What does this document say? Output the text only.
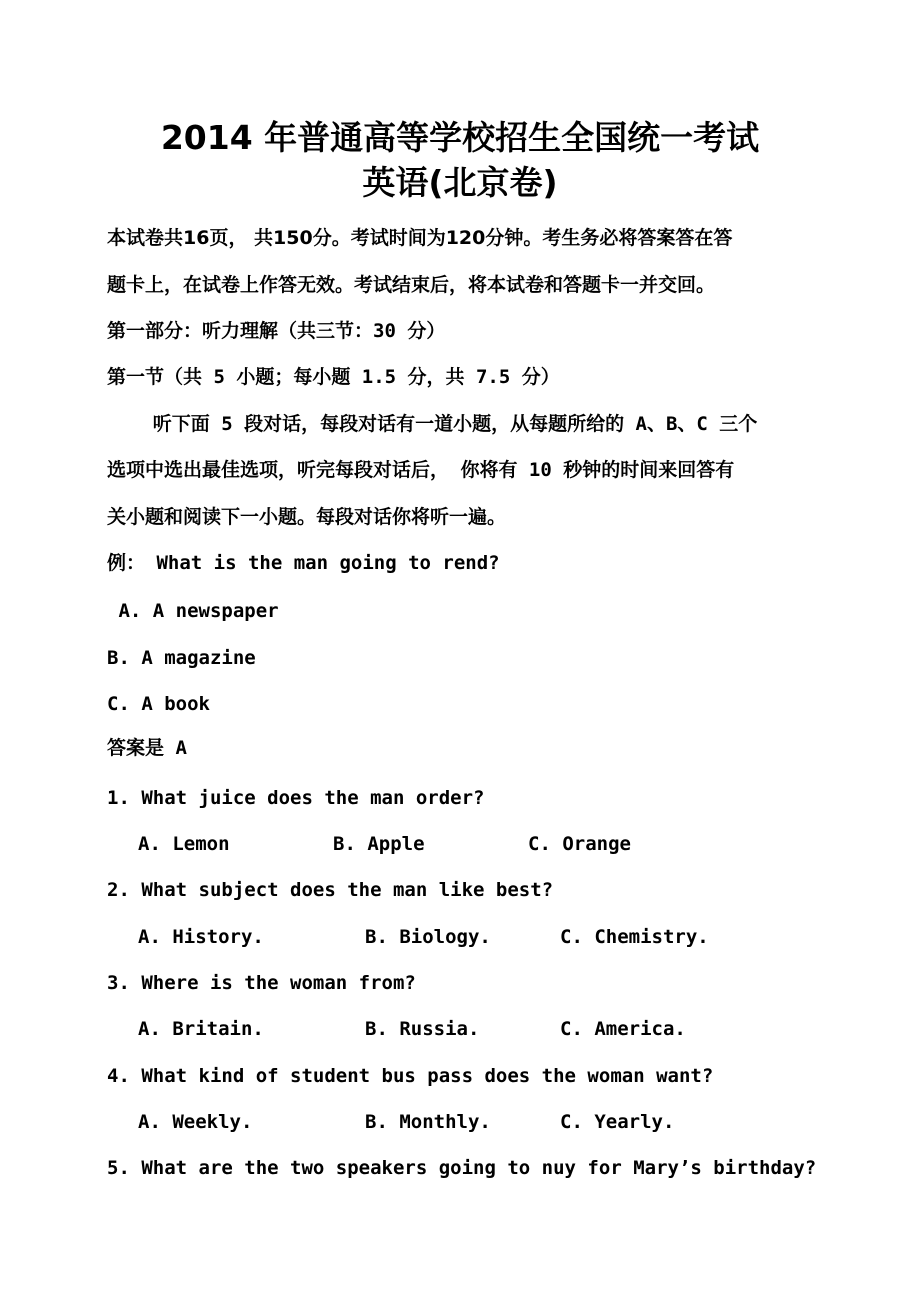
2014 年普通高等学校招生全国统一考试
英语(北京卷)
本试卷共16页， 共150分。考试时间为120分钟。考生务必将答案答在答
题卡上，在试卷上作答无效。考试结束后，将本试卷和答题卡一并交回。
第一部分：听力理解（共三节：30 分）
第一节（共 5 小题；每小题 1.5 分，共 7.5 分）
听下面 5 段对话，每段对话有一道小题，从每题所给的 A、B、C 三个
选项中选出最佳选项，听完每段对话后， 你将有 10 秒钟的时间来回答有
关小题和阅读下一小题。每段对话你将听一遍。
例： What is the man going to rend?
A. A newspaper
B. A magazine
C. A book
答案是 A
1. What juice does the man order?
A. Lemon	B. Apple	C. Orange
2. What subject does the man like best?
A. History.	B. Biology.	C. Chemistry.
3. Where is the woman from?
A. Britain.	B. Russia.	C. America.
4. What kind of student bus pass does the woman want?
A. Weekly.	B. Monthly.	C. Yearly.
5. What are the two speakers going to nuy for Mary’s birthday?
